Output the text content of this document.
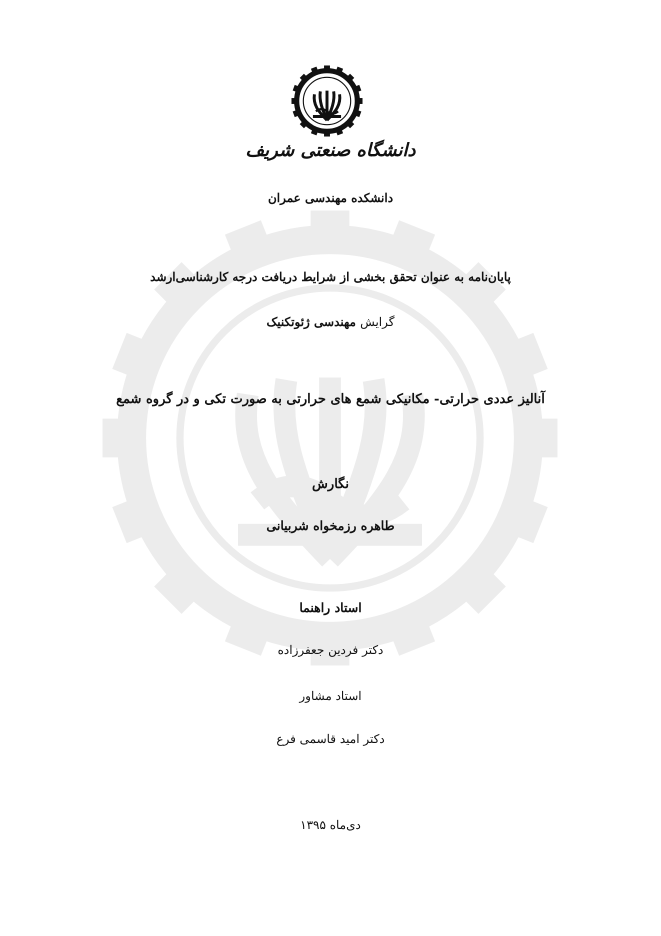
دانشگاه صنعتی شریف
دانشکده مهندسی عمران
پایان‌نامه به عنوان تحقق بخشی از شرایط دریافت درجه کارشناسی‌ارشد
گرایش مهندسی ژئوتکنیک
آنالیز عددی حرارتی- مکانیکی شمع های حرارتی به صورت تکی و در گروه شمع
نگارش
طاهره رزمخواه شربیانی
استاد راهنما
دکتر فردین جعفرزاده
استاد مشاور
دکتر امید قاسمی فرع
دی‌ماه ۱۳۹۵
